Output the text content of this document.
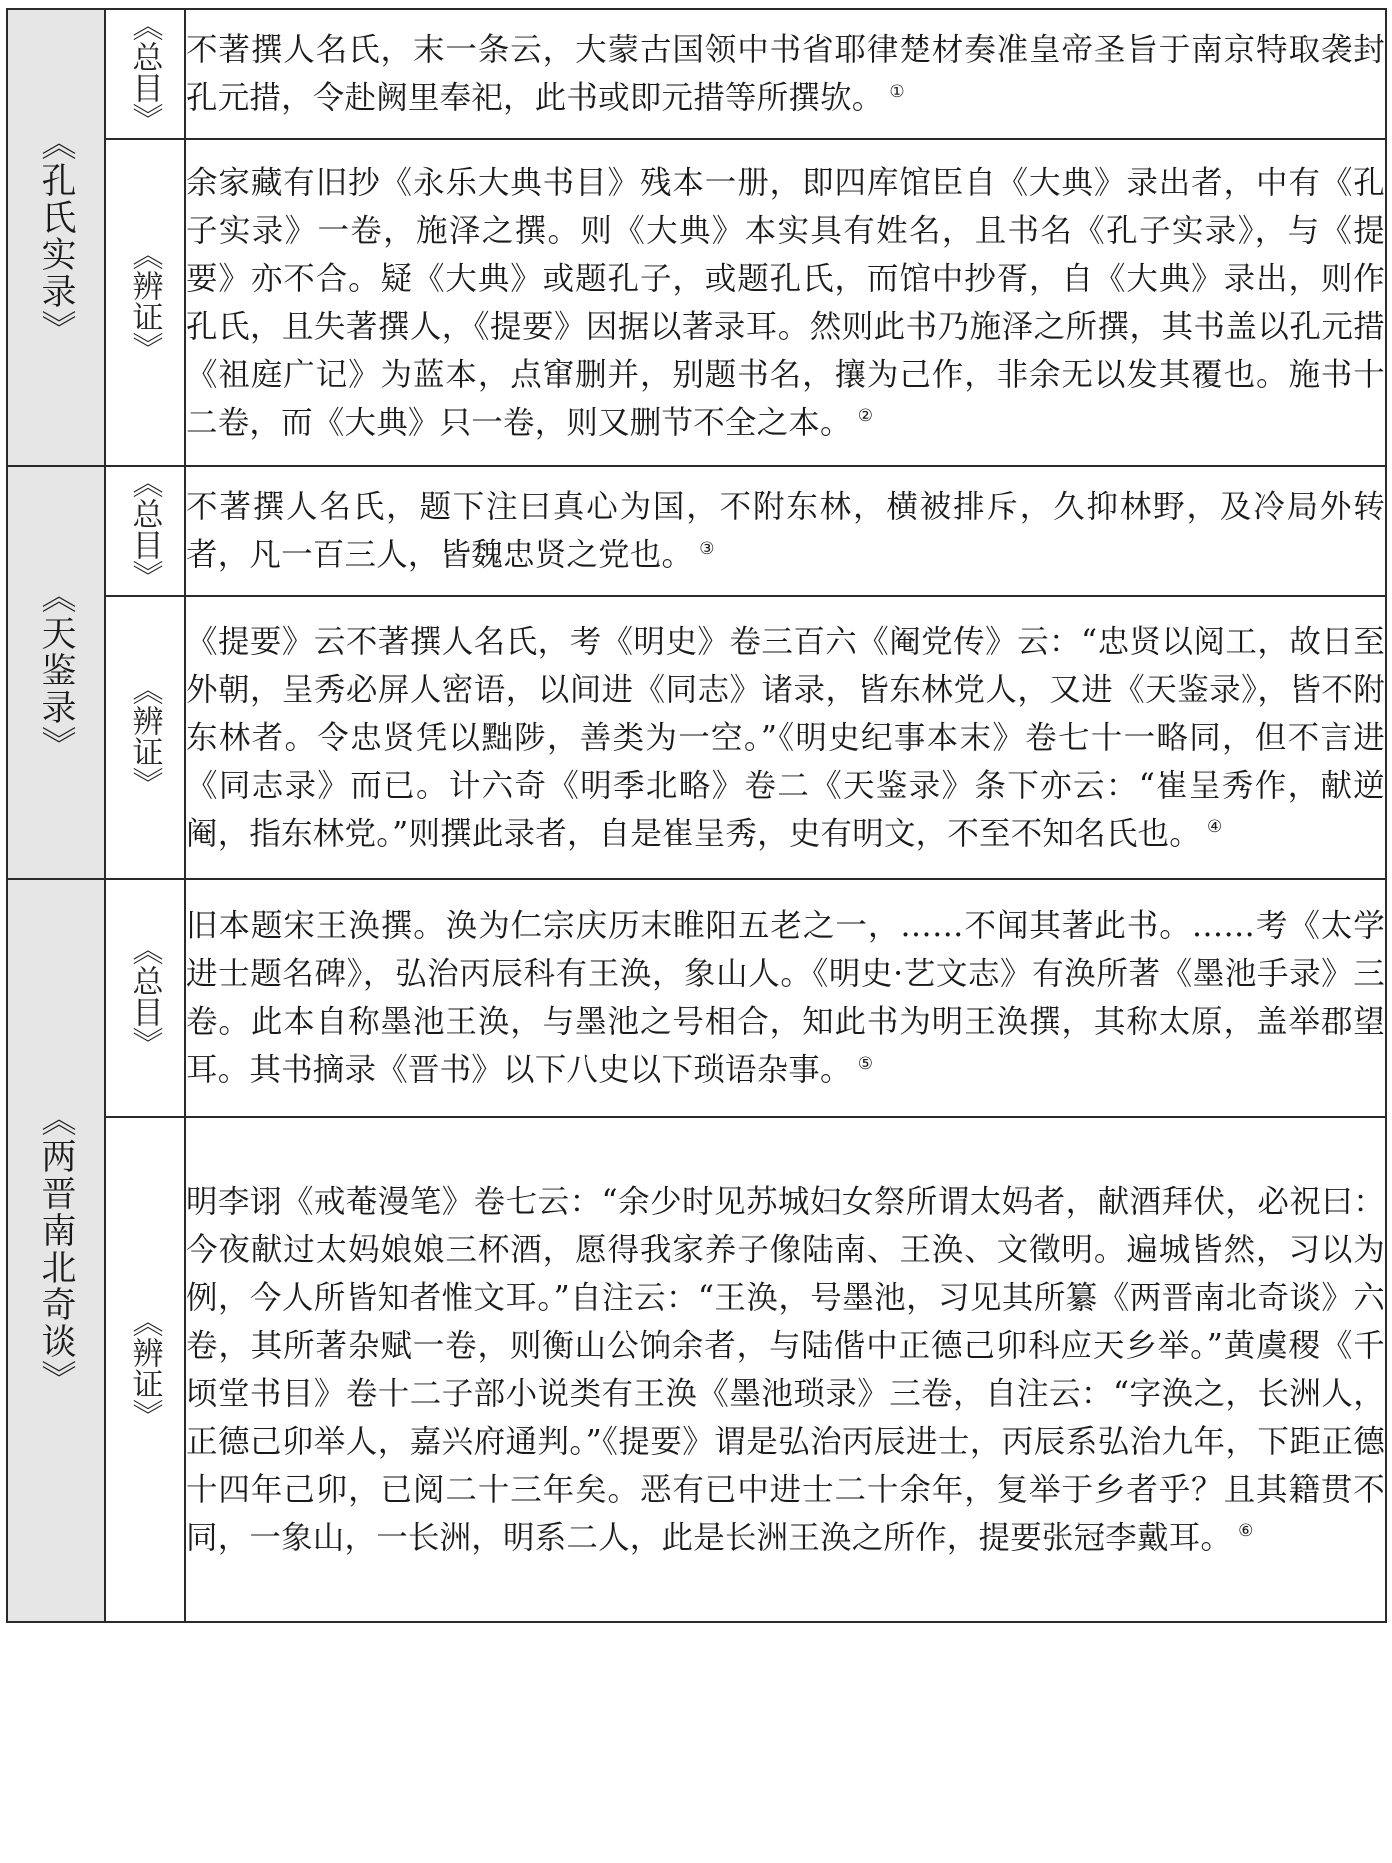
《孔氏实录》	《总目》	不著撰人名氏，末一条云，大蒙古国领中书省耶律楚材奏准皇帝圣旨于南京特取袭封孔元措，令赴阙里奉祀，此书或即元措等所撰欤。 ①
	《辨证》	余家藏有旧抄《永乐大典书目》残本一册，即四库馆臣自《大典》录出者，中有《孔子实录》一卷，施泽之撰。则《大典》本实具有姓名，且书名《孔子实录》，与《提要》亦不合。疑《大典》或题孔子，或题孔氏，而馆中抄胥，自《大典》录出，则作孔氏，且失著撰人，《提要》因据以著录耳。然则此书乃施泽之所撰，其书盖以孔元措《祖庭广记》为蓝本，点窜删并，别题书名，攘为己作，非余无以发其覆也。施书十二卷，而《大典》只一卷，则又删节不全之本。 ②
《天鉴录》	《总目》	不著撰人名氏，题下注曰真心为国，不附东林，横被排斥，久抑林野，及冷局外转者，凡一百三人，皆魏忠贤之党也。 ③
	《辨证》	《提要》云不著撰人名氏，考《明史》卷三百六《阉党传》云：“忠贤以阅工，故日至外朝，呈秀必屏人密语，以间进《同志》诸录，皆东林党人，又进《天鉴录》，皆不附东林者。令忠贤凭以黜陟，善类为一空。”《明史纪事本末》卷七十一略同，但不言进《同志录》而已。计六奇《明季北略》卷二《天鉴录》条下亦云：“崔呈秀作，献逆阉，指东林党。”则撰此录者，自是崔呈秀，史有明文，不至不知名氏也。 ④
《两晋南北奇谈》	《总目》	旧本题宋王涣撰。涣为仁宗庆历末睢阳五老之一，……不闻其著此书。……考《太学进士题名碑》，弘治丙辰科有王涣，象山人。《明史·艺文志》有涣所著《墨池手录》三卷。此本自称墨池王涣，与墨池之号相合，知此书为明王涣撰，其称太原，盖举郡望耳。其书摘录《晋书》以下八史以下琐语杂事。 ⑤
	《辨证》	明李诩《戒菴漫笔》卷七云：“余少时见苏城妇女祭所谓太妈者，献酒拜伏，必祝曰：今夜献过太妈娘娘三杯酒，愿得我家养子像陆南、王涣、文徵明。遍城皆然，习以为例，今人所皆知者惟文耳。”自注云：“王涣，号墨池，习见其所纂《两晋南北奇谈》六卷，其所著杂赋一卷，则衡山公饷余者，与陆偕中正德己卯科应天乡举。”黄虞稷《千顷堂书目》卷十二子部小说类有王涣《墨池琐录》三卷，自注云：“字涣之，长洲人，正德己卯举人，嘉兴府通判。”《提要》谓是弘治丙辰进士，丙辰系弘治九年，下距正德十四年己卯，已阅二十三年矣。恶有已中进士二十余年，复举于乡者乎？且其籍贯不同，一象山，一长洲，明系二人，此是长洲王涣之所作，提要张冠李戴耳。 ⑥
